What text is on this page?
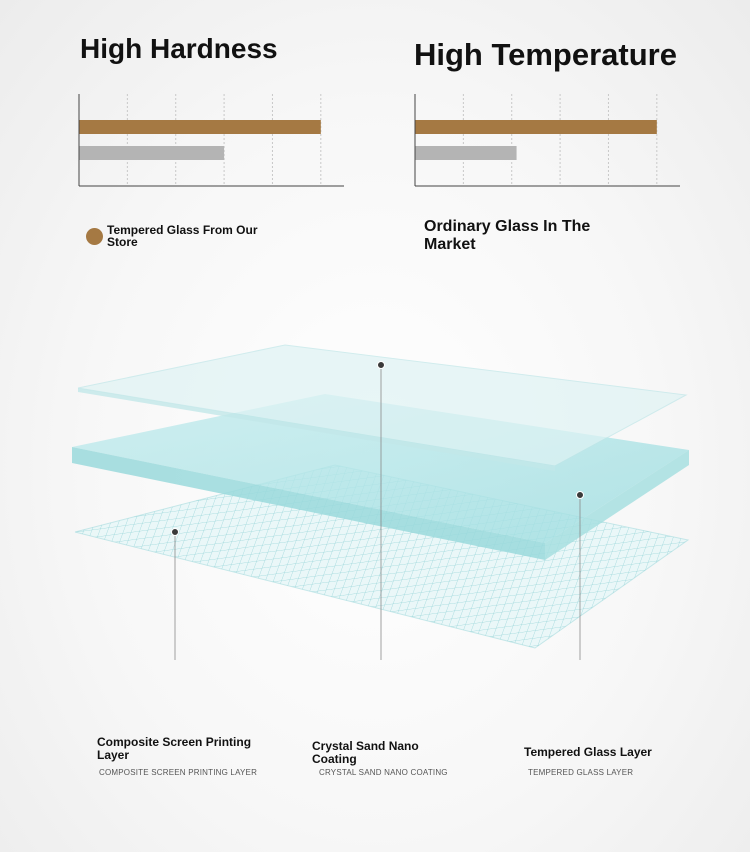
High Hardness	High Temperature
Tempered Glass From Our Store
Ordinary Glass In The Market
Composite Screen Printing Layer
COMPOSITE SCREEN PRINTING LAYER
Crystal Sand Nano Coating
CRYSTAL SAND NANO COATING
Tempered Glass Layer
TEMPERED GLASS LAYER
